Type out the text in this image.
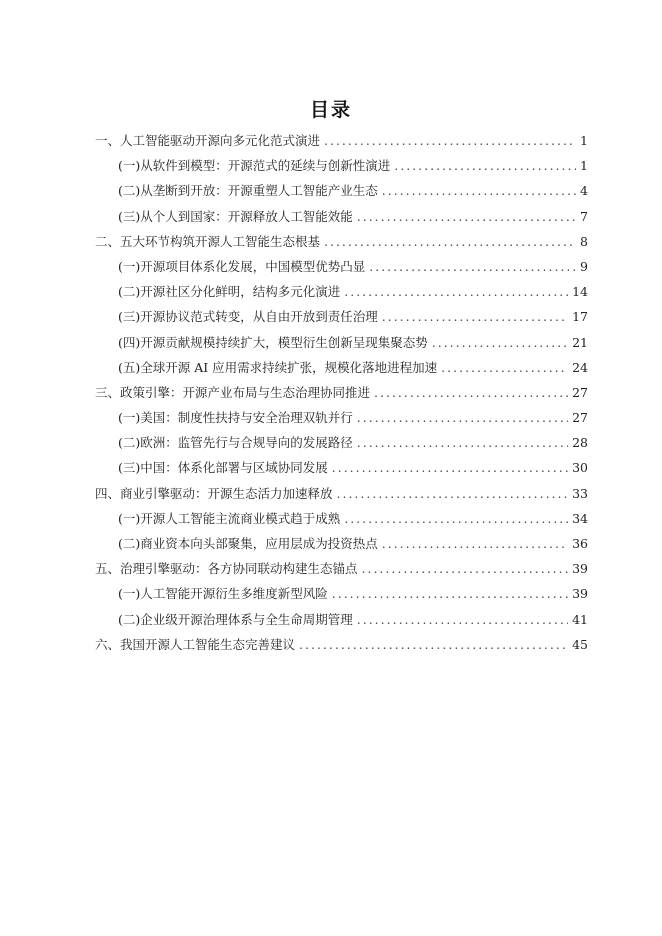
目录
一、人工智能驱动开源向多元化范式演进 .....	1
(一)从软件到模型：开源范式的延续与创新性演进 .....	1
(二)从垄断到开放：开源重塑人工智能产业生态 .....	4
(三)从个人到国家：开源释放人工智能效能 .....	7
二、五大环节构筑开源人工智能生态根基 .....	8
(一)开源项目体系化发展，中国模型优势凸显 .....	9
(二)开源社区分化鲜明，结构多元化演进 .....	14
(三)开源协议范式转变，从自由开放到责任治理 .....	17
(四)开源贡献规模持续扩大，模型衍生创新呈现集聚态势 .....	21
(五)全球开源 AI 应用需求持续扩张，规模化落地进程加速 .....	24
三、政策引擎：开源产业布局与生态治理协同推进 .....	27
(一)美国：制度性扶持与安全治理双轨并行 .....	27
(二)欧洲：监管先行与合规导向的发展路径 .....	28
(三)中国：体系化部署与区域协同发展 .....	30
四、商业引擎驱动：开源生态活力加速释放 .....	33
(一)开源人工智能主流商业模式趋于成熟 .....	34
(二)商业资本向头部聚集，应用层成为投资热点 .....	36
五、治理引擎驱动：各方协同联动构建生态锚点 .....	39
(一)人工智能开源衍生多维度新型风险 .....	39
(二)企业级开源治理体系与全生命周期管理 .....	41
六、我国开源人工智能生态完善建议 .....	45
